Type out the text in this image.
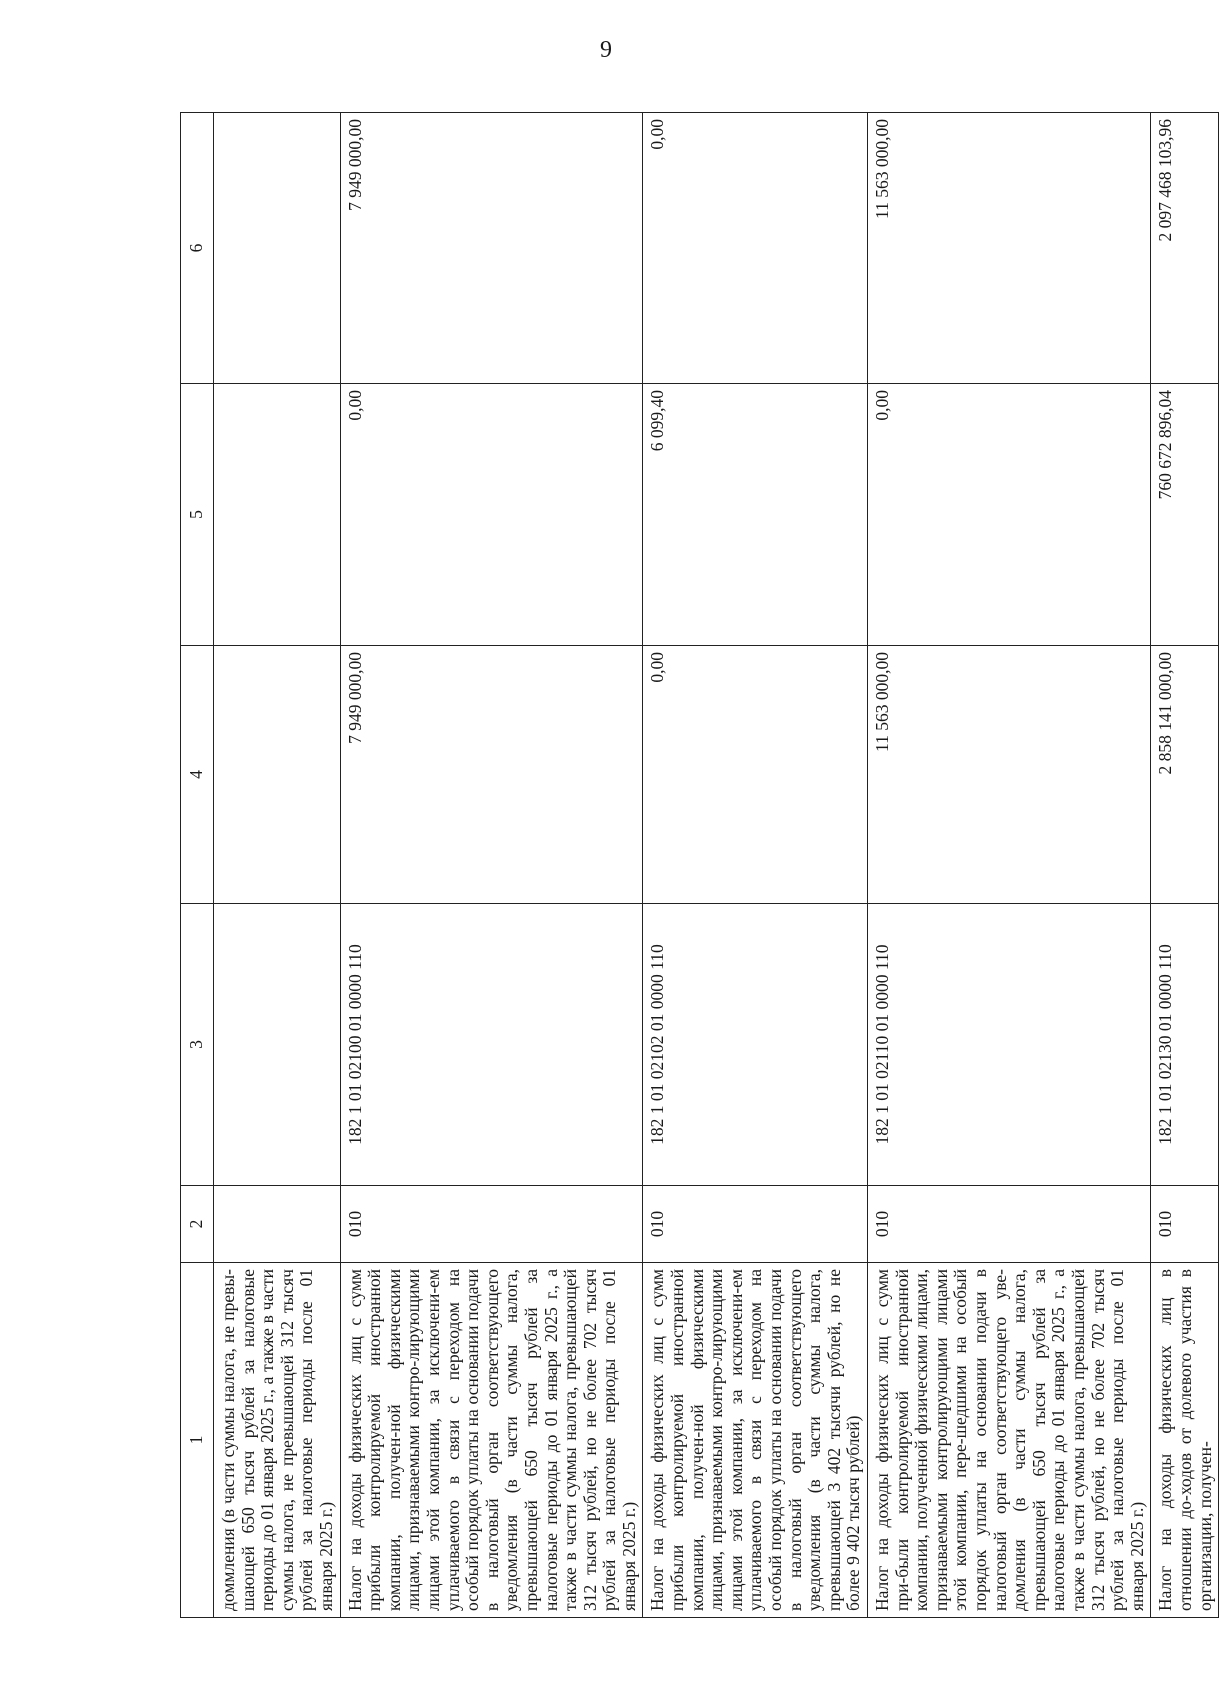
9
1	2	3	4	5	6
доммления (в части суммы налога, не превы-шающей 650 тысяч рублей за налоговые периоды до 01 января 2025 г., а также в части суммы налога, не превышающей 312 тысяч рублей за налоговые периоды после 01 января 2025 г.)					
Налог на доходы физических лиц с сумм прибыли контролируемой иностранной компании, получен-ной физическими лицами, признаваемыми контро-лирующими лицами этой компании, за исключени-ем уплачиваемого в связи с переходом на особый порядок уплаты на основании подачи в налоговый орган соответствующего уведомления (в части суммы налога, превышающей 650 тысяч рублей за налоговые периоды до 01 января 2025 г., а также в части суммы налога, превышающей 312 тысяч рублей, но не более 702 тысяч рублей за налоговые периоды после 01 января 2025 г.)	010	182 1 01 02100 01 0000 110	7 949 000,00	0,00	7 949 000,00
Налог на доходы физических лиц с сумм прибыли контролируемой иностранной компании, получен-ной физическими лицами, признаваемыми контро-лирующими лицами этой компании, за исключени-ем уплачиваемого в связи с переходом на особый порядок уплаты на основании подачи в налоговый орган соответствующего уведомления (в части суммы налога, превышающей 3 402 тысячи рублей, но не более 9 402 тысяч рублей)	010	182 1 01 02102 01 0000 110	0,00	6 099,40	0,00
Налог на доходы физических лиц с сумм при-были контролируемой иностранной компании, полученной физическими лицами, признаваемыми контролирующими лицами этой компании, пере-шедшими на особый порядок уплаты на основании подачи в налоговый орган соответствующего уве-домления (в части суммы налога, превышающей 650 тысяч рублей за налоговые периоды до 01 января 2025 г., а также в части суммы налога, превышающей 312 тысяч рублей, но не более 702 тысяч рублей за налоговые периоды после 01 января 2025 г.)	010	182 1 01 02110 01 0000 110	11 563 000,00	0,00	11 563 000,00
Налог на доходы физических лиц в отношении до-ходов от долевого участия в организации, получен-	010	182 1 01 02130 01 0000 110	2 858 141 000,00	760 672 896,04	2 097 468 103,96
